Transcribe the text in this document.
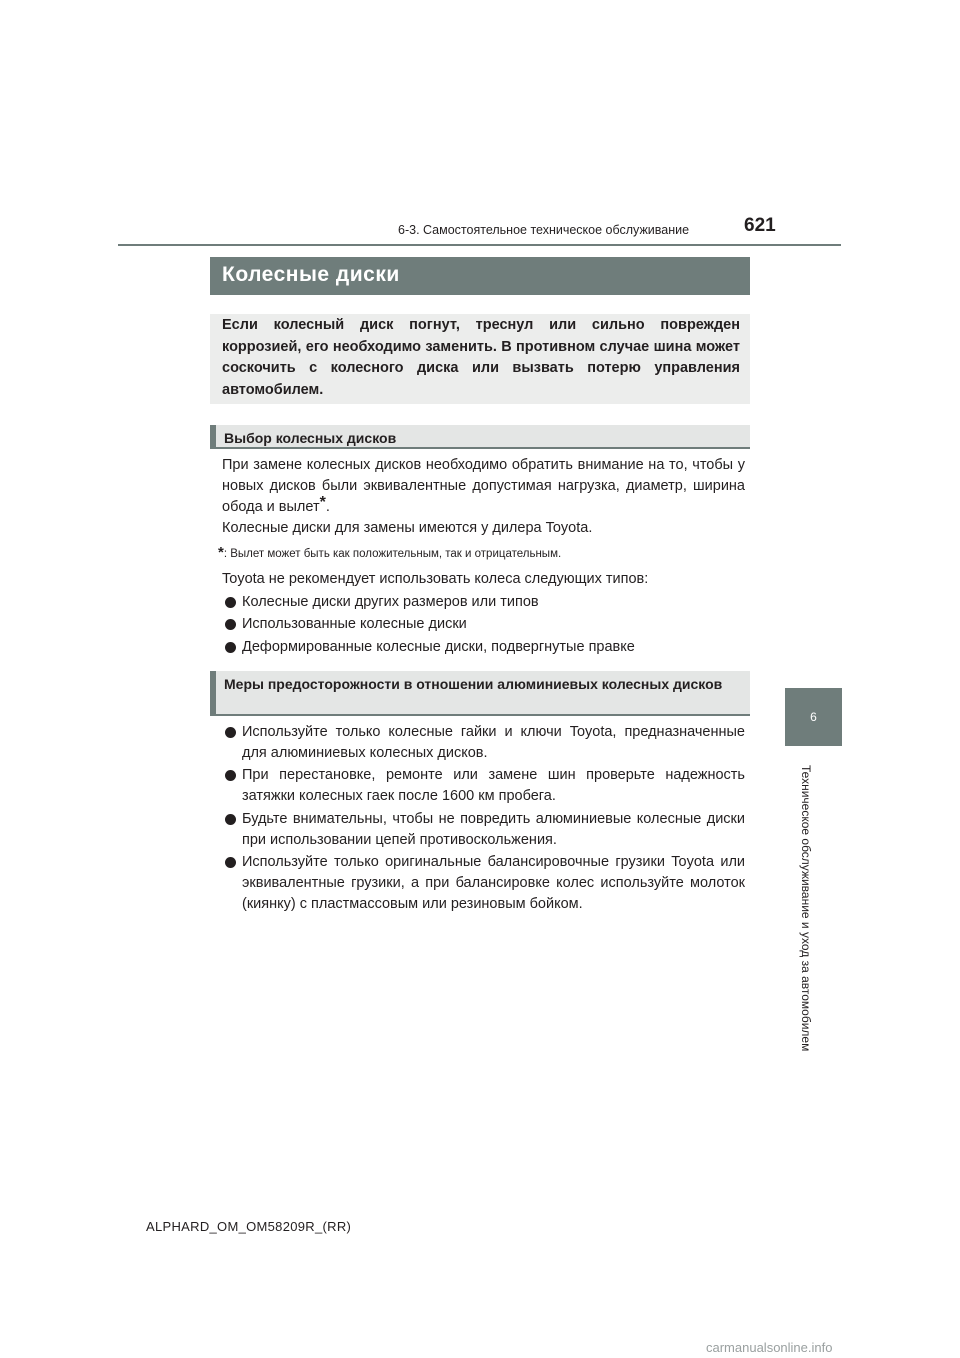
6-3. Самостоятельное техническое обслуживание	621
6
Техническое обслуживание и уход за автомобилем
Колесные диски
Если колесный диск погнут, треснул или сильно поврежден коррозией, его необходимо заменить. В противном случае шина может соскочить с колесного диска или вызвать потерю управления автомобилем.
Выбор колесных дисков
При замене колесных дисков необходимо обратить внимание на то, чтобы у новых дисков были эквивалентные допустимая нагрузка, диаметр, ширина обода и вылет*.
Колесные диски для замены имеются у дилера Toyota.
*: Вылет может быть как положительным, так и отрицательным.
Toyota не рекомендует использовать колеса следующих типов:
Колесные диски других размеров или типов
Использованные колесные диски
Деформированные колесные диски, подвергнутые правке
Меры предосторожности в отношении алюминиевых колесных дисков
Используйте только колесные гайки и ключи Toyota, предназначенные для алюминиевых колесных дисков.
При перестановке, ремонте или замене шин проверьте надежность затяжки колесных гаек после 1600 км пробега.
Будьте внимательны, чтобы не повредить алюминиевые колесные диски при использовании цепей противоскольжения.
Используйте только оригинальные балансировочные грузики Toyota или эквивалентные грузики, а при балансировке колес используйте молоток (киянку) с пластмассовым или резиновым бойком.
ALPHARD_OM_OM58209R_(RR)
carmanualsonline.info
